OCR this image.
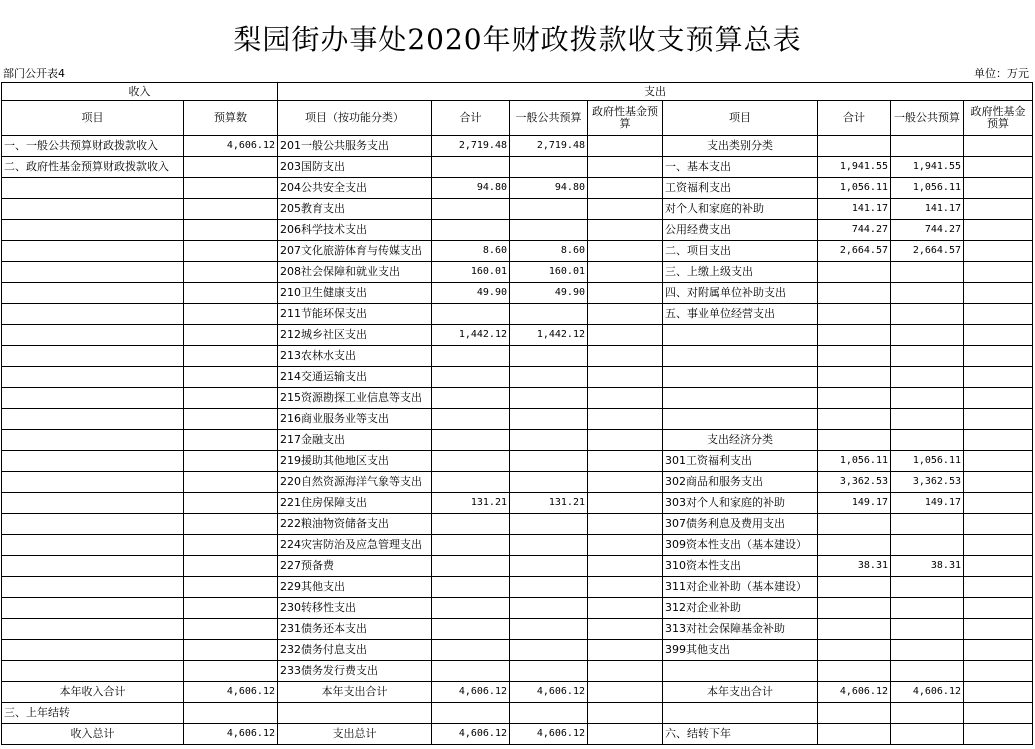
梨园街办事处2020年财政拨款收支预算总表
部门公开表4	单位：万元
收入		支出							
项目	预算数	项目（按功能分类）	合计	一般公共预算	政府性基金预算	项目	合计	一般公共预算	政府性基金预算
一、一般公共预算财政拨款收入	4,606.12	201一般公共服务支出	2,719.48	2,719.48		支出类别分类			
二、政府性基金预算财政拨款收入		203国防支出				一、基本支出	1,941.55	1,941.55	
		204公共安全支出	94.80	94.80		工资福利支出	1,056.11	1,056.11	
		205教育支出				对个人和家庭的补助	141.17	141.17	
		206科学技术支出				公用经费支出	744.27	744.27	
		207文化旅游体育与传媒支出	8.60	8.60		二、项目支出	2,664.57	2,664.57	
		208社会保障和就业支出	160.01	160.01		三、上缴上级支出			
		210卫生健康支出	49.90	49.90		四、对附属单位补助支出			
		211节能环保支出				五、事业单位经营支出			
		212城乡社区支出	1,442.12	1,442.12					
		213农林水支出							
		214交通运输支出							
		215资源勘探工业信息等支出							
		216商业服务业等支出							
		217金融支出				支出经济分类			
		219援助其他地区支出				301工资福利支出	1,056.11	1,056.11	
		220自然资源海洋气象等支出				302商品和服务支出	3,362.53	3,362.53	
		221住房保障支出	131.21	131.21		303对个人和家庭的补助	149.17	149.17	
		222粮油物资储备支出				307债务利息及费用支出			
		224灾害防治及应急管理支出				309资本性支出（基本建设）			
		227预备费				310资本性支出	38.31	38.31	
		229其他支出				311对企业补助（基本建设）			
		230转移性支出				312对企业补助			
		231债务还本支出				313对社会保障基金补助			
		232债务付息支出				399其他支出			
		233债务发行费支出							
本年收入合计	4,606.12	本年支出合计	4,606.12	4,606.12		本年支出合计	4,606.12	4,606.12	
三、上年结转									
收入总计	4,606.12	支出总计	4,606.12	4,606.12		六、结转下年			
